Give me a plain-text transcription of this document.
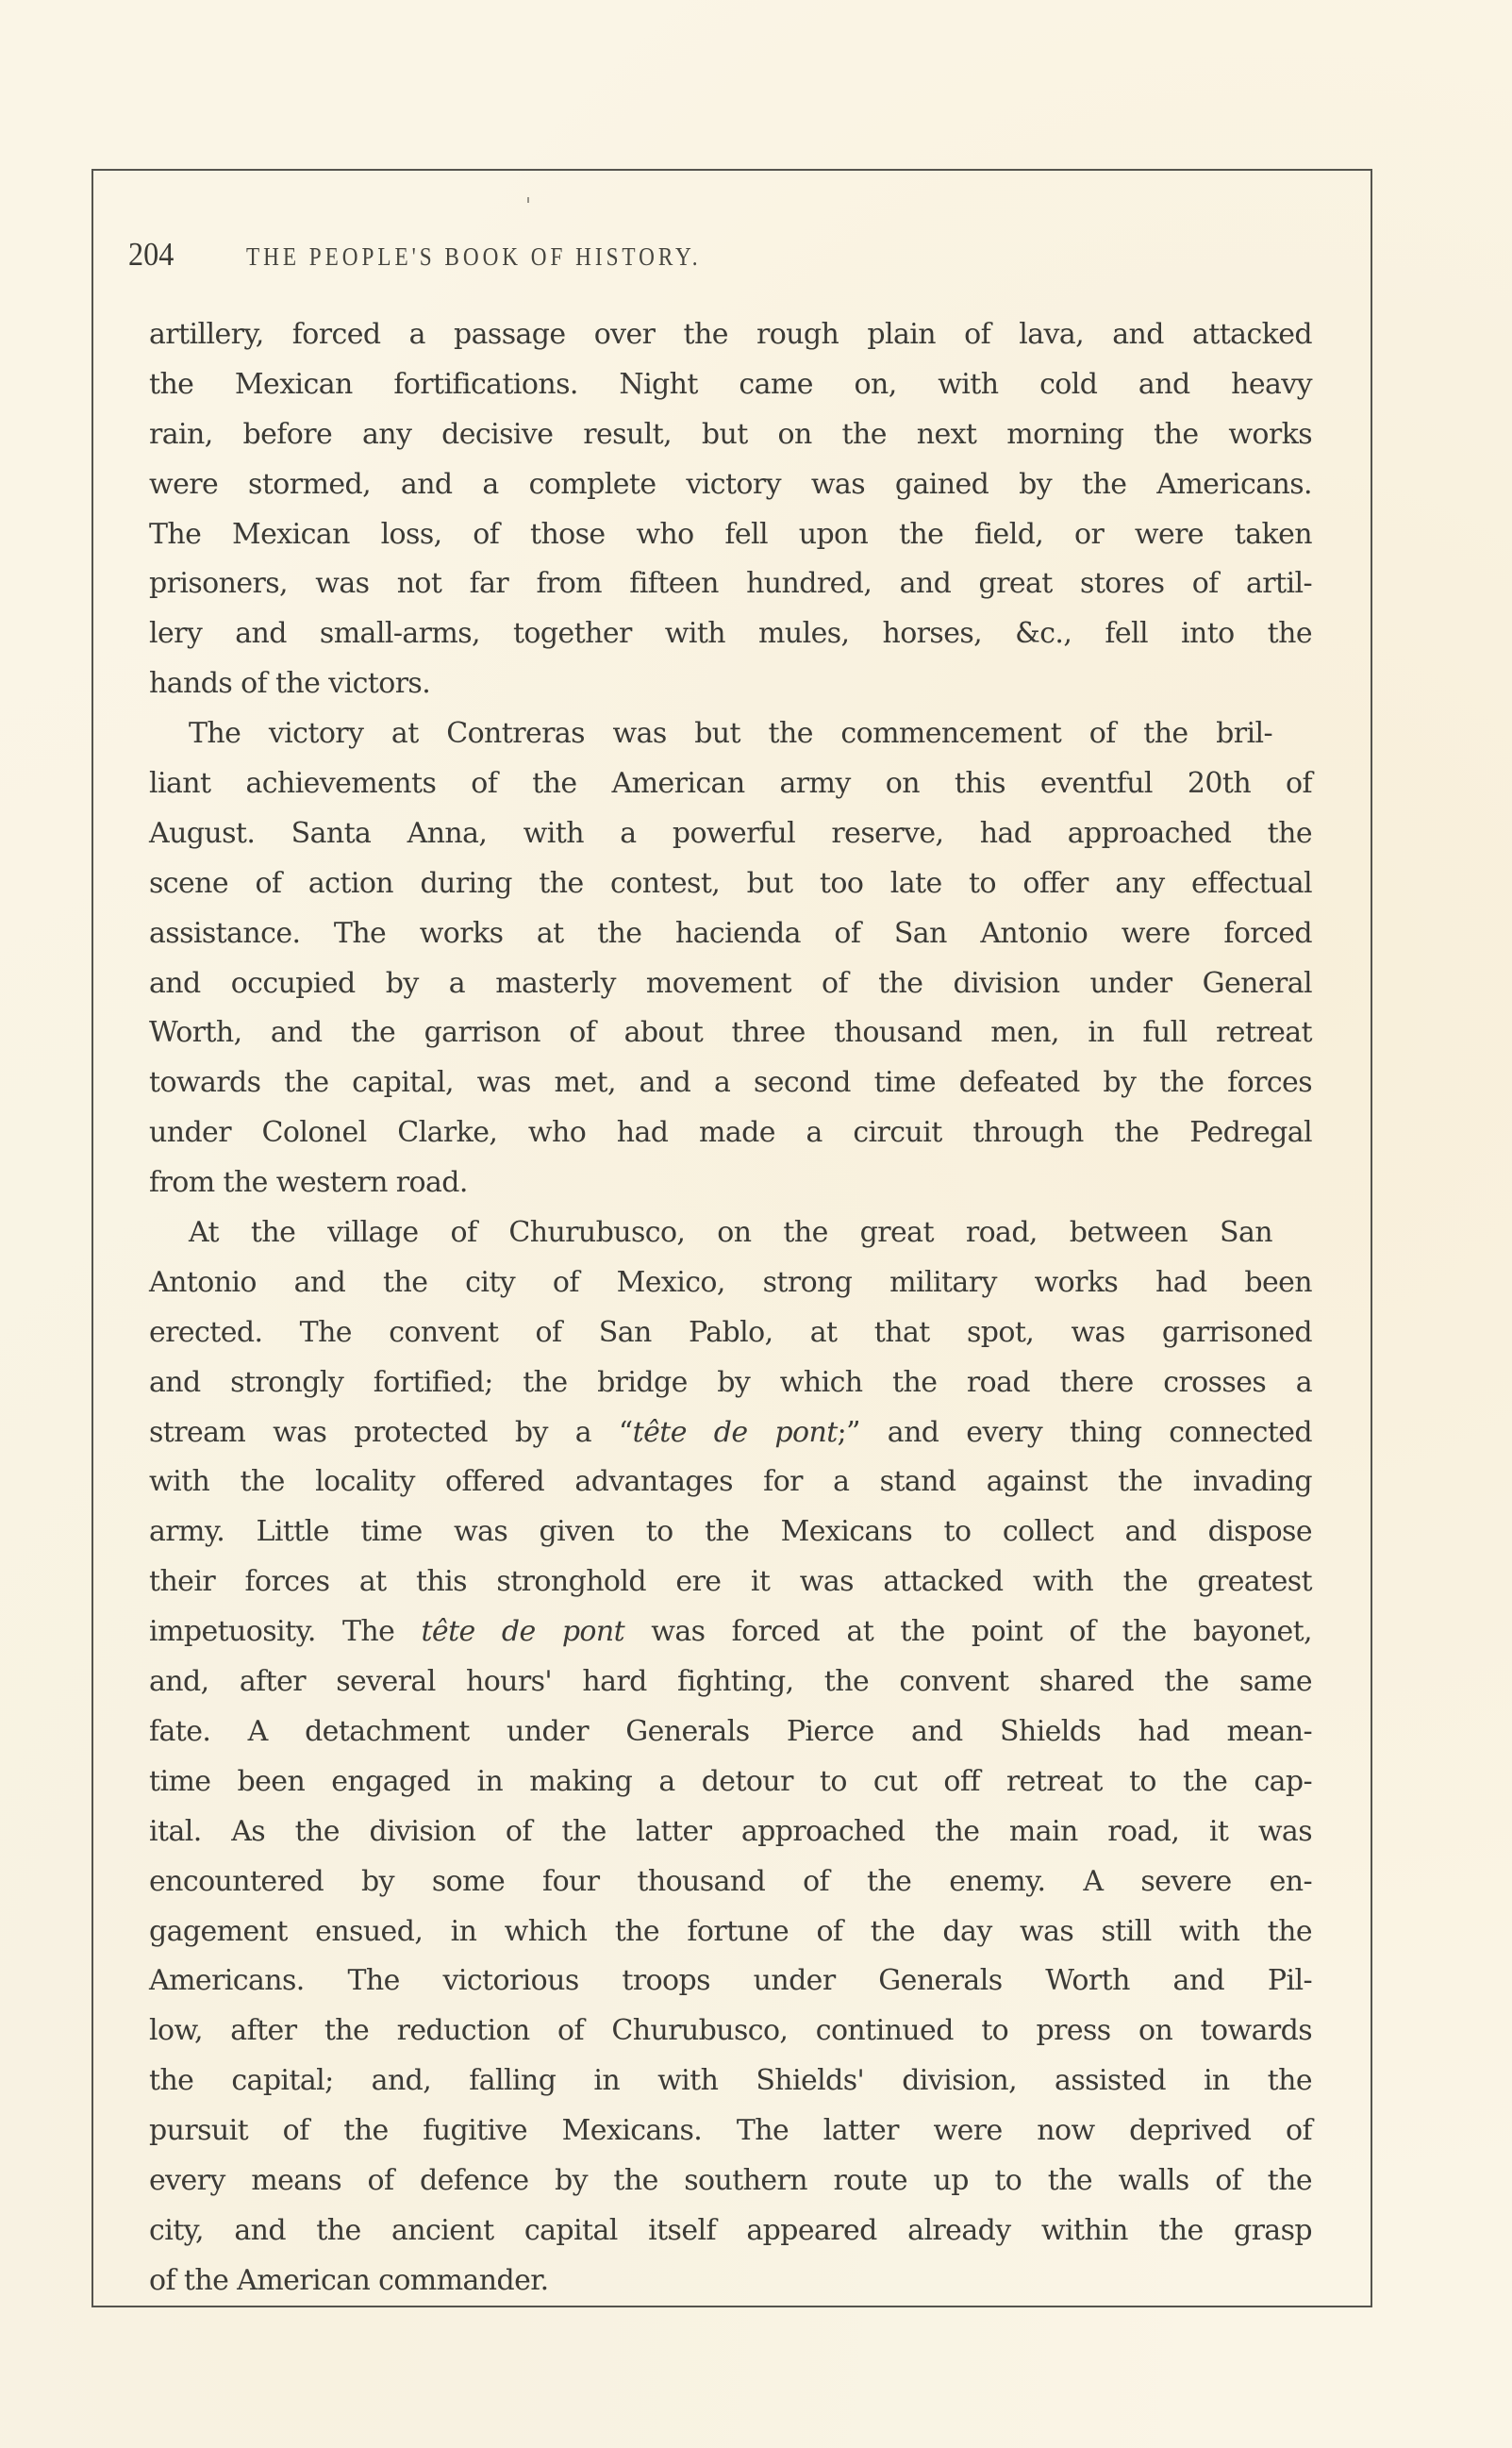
204	THE PEOPLE'S BOOK OF HISTORY.
artillery, forced a passage over the rough plain of lava, and attacked
the Mexican fortifications. Night came on, with cold and heavy
rain, before any decisive result, but on the next morning the works
were stormed, and a complete victory was gained by the Americans.
The Mexican loss, of those who fell upon the field, or were taken
prisoners, was not far from fifteen hundred, and great stores of artil-
lery and small-arms, together with mules, horses, &c., fell into the
hands of the victors.
The victory at Contreras was but the commencement of the bril-
liant achievements of the American army on this eventful 20th of
August. Santa Anna, with a powerful reserve, had approached the
scene of action during the contest, but too late to offer any effectual
assistance. The works at the hacienda of San Antonio were forced
and occupied by a masterly movement of the division under General
Worth, and the garrison of about three thousand men, in full retreat
towards the capital, was met, and a second time defeated by the forces
under Colonel Clarke, who had made a circuit through the Pedregal
from the western road.
At the village of Churubusco, on the great road, between San
Antonio and the city of Mexico, strong military works had been
erected. The convent of San Pablo, at that spot, was garrisoned
and strongly fortified; the bridge by which the road there crosses a
stream was protected by a “tête de pont;” and every thing connected
with the locality offered advantages for a stand against the invading
army. Little time was given to the Mexicans to collect and dispose
their forces at this stronghold ere it was attacked with the greatest
impetuosity. The tête de pont was forced at the point of the bayonet,
and, after several hours' hard fighting, the convent shared the same
fate. A detachment under Generals Pierce and Shields had mean-
time been engaged in making a detour to cut off retreat to the cap-
ital. As the division of the latter approached the main road, it was
encountered by some four thousand of the enemy. A severe en-
gagement ensued, in which the fortune of the day was still with the
Americans. The victorious troops under Generals Worth and Pil-
low, after the reduction of Churubusco, continued to press on towards
the capital; and, falling in with Shields' division, assisted in the
pursuit of the fugitive Mexicans. The latter were now deprived of
every means of defence by the southern route up to the walls of the
city, and the ancient capital itself appeared already within the grasp
of the American commander.
